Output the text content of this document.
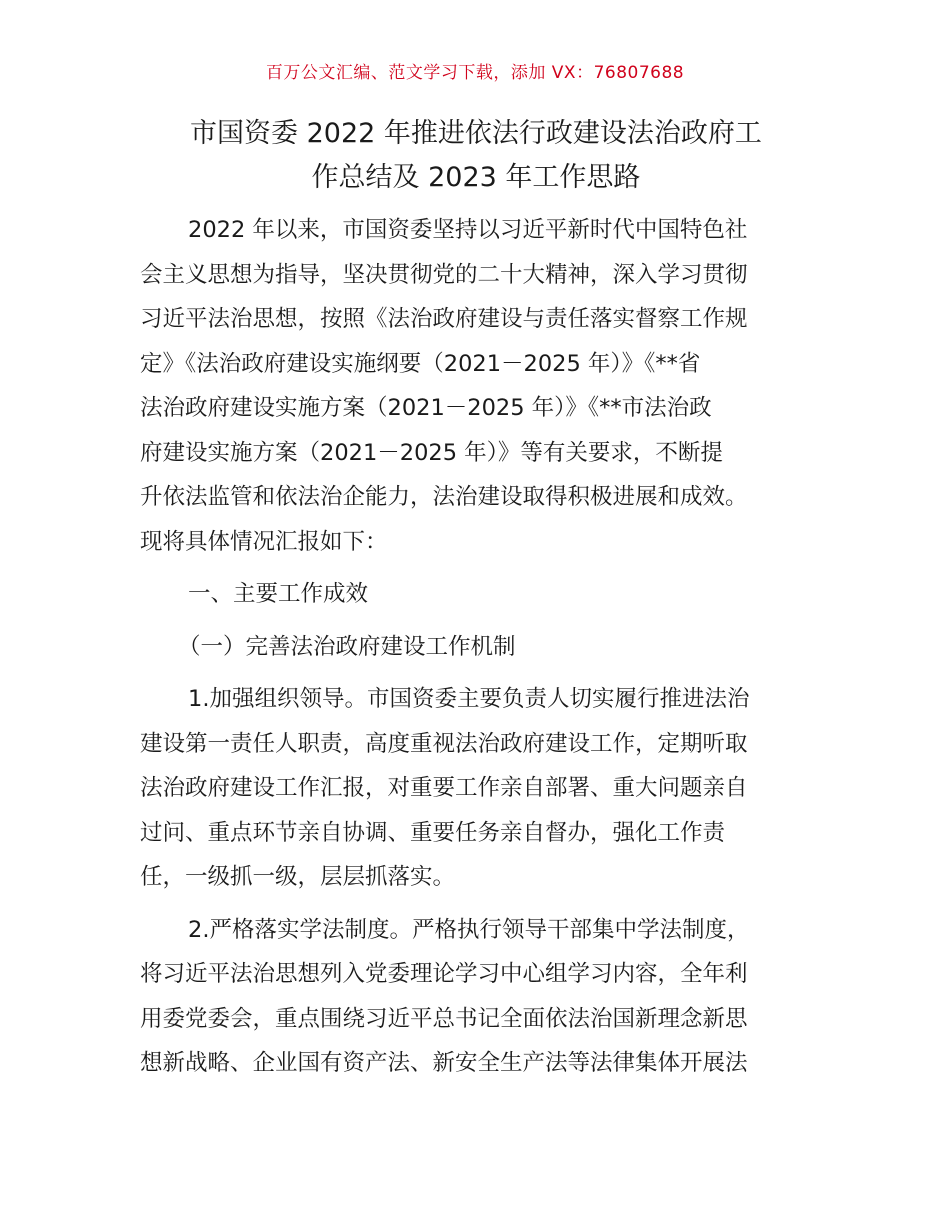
百万公文汇编、范文学习下载，添加 VX：76807688
市国资委 2022 年推进依法行政建设法治政府工
作总结及 2023 年工作思路

2022 年以来，市国资委坚持以习近平新时代中国特色社
会主义思想为指导，坚决贯彻党的二十大精神，深入学习贯彻
习近平法治思想，按照《法治政府建设与责任落实督察工作规
定》《法治政府建设实施纲要（2021－2025 年）》《**省
法治政府建设实施方案（2021－2025 年）》《**市法治政
府建设实施方案（2021－2025 年）》等有关要求，不断提
升依法监管和依法治企能力，法治建设取得积极进展和成效。
现将具体情况汇报如下：

一、主要工作成效

（一）完善法治政府建设工作机制

1.加强组织领导。市国资委主要负责人切实履行推进法治
建设第一责任人职责，高度重视法治政府建设工作，定期听取
法治政府建设工作汇报，对重要工作亲自部署、重大问题亲自
过问、重点环节亲自协调、重要任务亲自督办，强化工作责
任，一级抓一级，层层抓落实。

2.严格落实学法制度。严格执行领导干部集中学法制度，
将习近平法治思想列入党委理论学习中心组学习内容，全年利
用委党委会，重点围绕习近平总书记全面依法治国新理念新思
想新战略、企业国有资产法、新安全生产法等法律集体开展法
